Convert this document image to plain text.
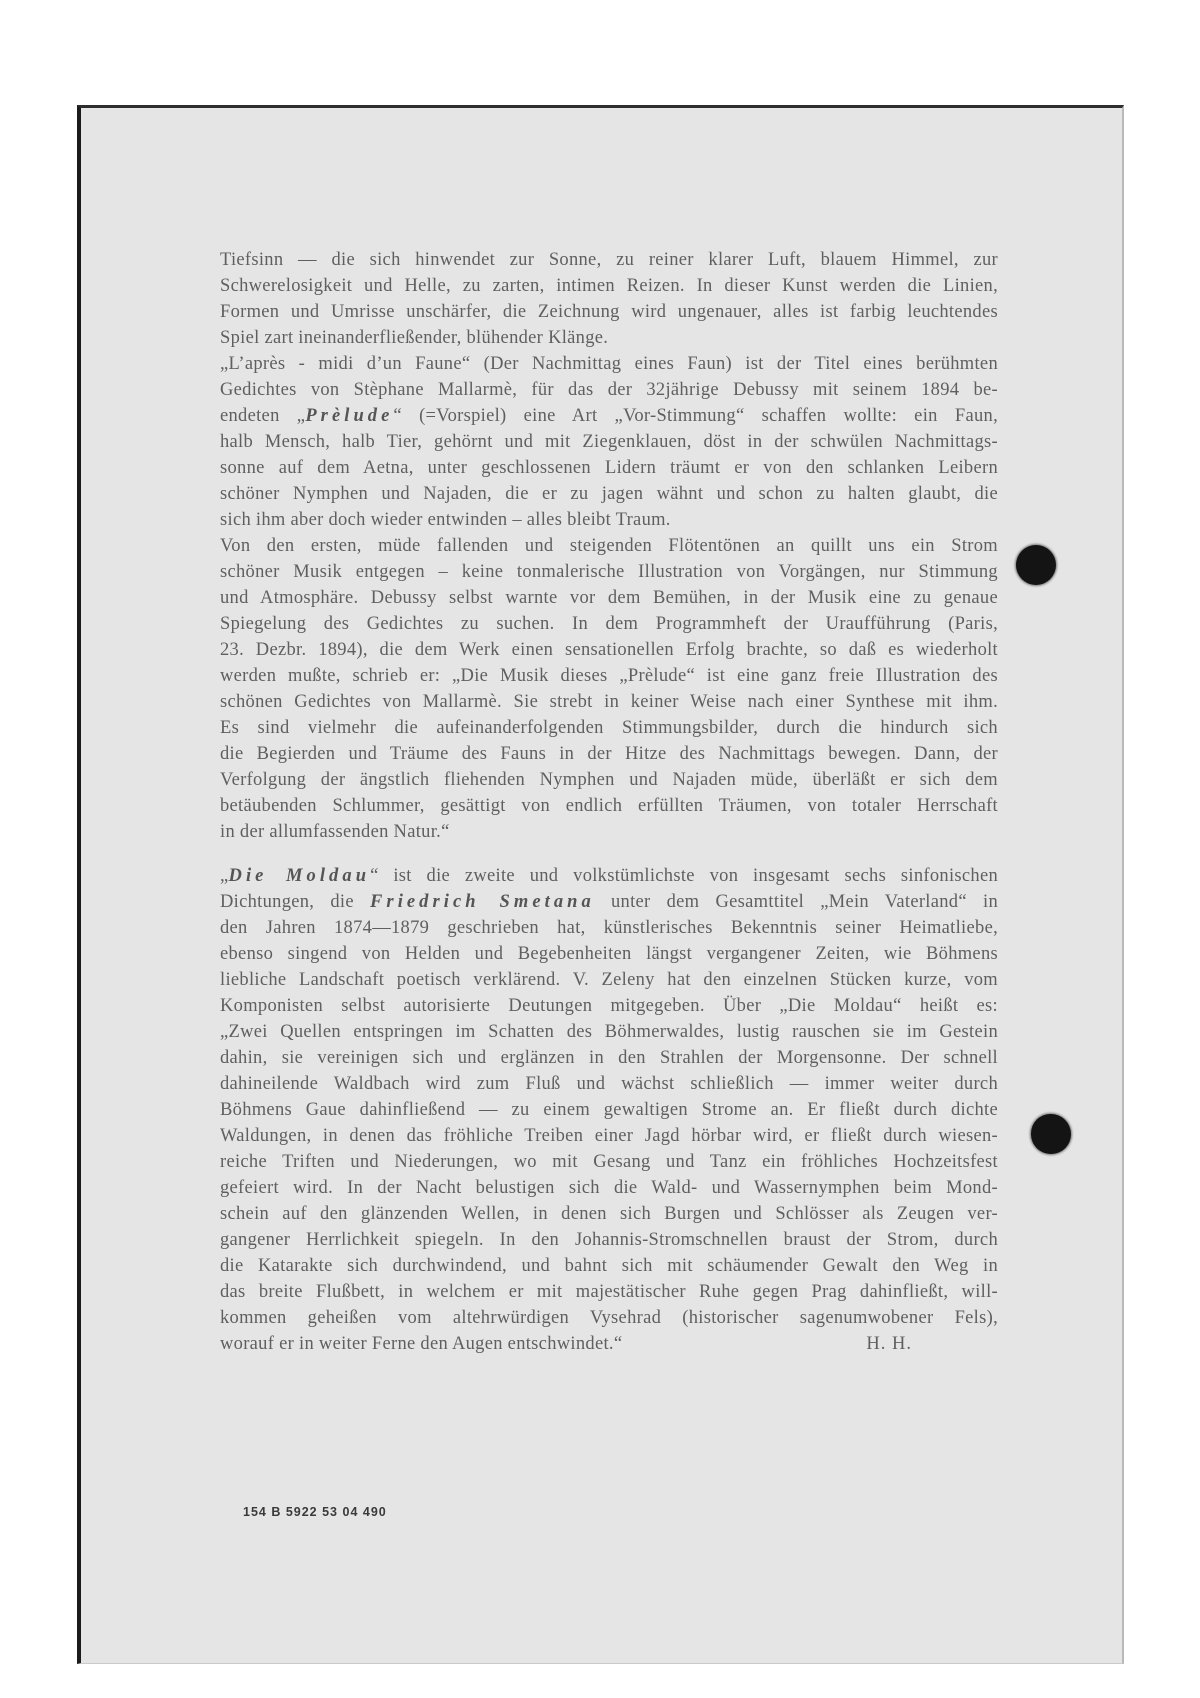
Tiefsinn — die sich hinwendet zur Sonne, zu reiner klarer Luft, blauem Himmel, zur
Schwerelosigkeit und Helle, zu zarten, intimen Reizen. In dieser Kunst werden die Linien,
Formen und Umrisse unschärfer, die Zeichnung wird ungenauer, alles ist farbig leuchtendes
Spiel zart ineinanderfließender, blühender Klänge.
„L’après - midi d’un Faune“ (Der Nachmittag eines Faun) ist der Titel eines berühmten
Gedichtes von Stèphane Mallarmè, für das der 32jährige Debussy mit seinem 1894 be-
endeten „Prèlude“ (=Vorspiel) eine Art „Vor-Stimmung“ schaffen wollte: ein Faun,
halb Mensch, halb Tier, gehörnt und mit Ziegenklauen, döst in der schwülen Nachmittags-
sonne auf dem Aetna, unter geschlossenen Lidern träumt er von den schlanken Leibern
schöner Nymphen und Najaden, die er zu jagen wähnt und schon zu halten glaubt, die
sich ihm aber doch wieder entwinden – alles bleibt Traum.
Von den ersten, müde fallenden und steigenden Flötentönen an quillt uns ein Strom
schöner Musik entgegen – keine tonmalerische Illustration von Vorgängen, nur Stimmung
und Atmosphäre. Debussy selbst warnte vor dem Bemühen, in der Musik eine zu genaue
Spiegelung des Gedichtes zu suchen. In dem Programmheft der Uraufführung (Paris,
23. Dezbr. 1894), die dem Werk einen sensationellen Erfolg brachte, so daß es wiederholt
werden mußte, schrieb er: „Die Musik dieses „Prèlude“ ist eine ganz freie Illustration des
schönen Gedichtes von Mallarmè. Sie strebt in keiner Weise nach einer Synthese mit ihm.
Es sind vielmehr die aufeinanderfolgenden Stimmungsbilder, durch die hindurch sich
die Begierden und Träume des Fauns in der Hitze des Nachmittags bewegen. Dann, der
Verfolgung der ängstlich fliehenden Nymphen und Najaden müde, überläßt er sich dem
betäubenden Schlummer, gesättigt von endlich erfüllten Träumen, von totaler Herrschaft
in der allumfassenden Natur.“
„Die Moldau“ ist die zweite und volkstümlichste von insgesamt sechs sinfonischen
Dichtungen, die Friedrich Smetana unter dem Gesamttitel „Mein Vaterland“ in
den Jahren 1874—1879 geschrieben hat, künstlerisches Bekenntnis seiner Heimatliebe,
ebenso singend von Helden und Begebenheiten längst vergangener Zeiten, wie Böhmens
liebliche Landschaft poetisch verklärend. V. Zeleny hat den einzelnen Stücken kurze, vom
Komponisten selbst autorisierte Deutungen mitgegeben. Über „Die Moldau“ heißt es:
„Zwei Quellen entspringen im Schatten des Böhmerwaldes, lustig rauschen sie im Gestein
dahin, sie vereinigen sich und erglänzen in den Strahlen der Morgensonne. Der schnell
dahineilende Waldbach wird zum Fluß und wächst schließlich — immer weiter durch
Böhmens Gaue dahinfließend — zu einem gewaltigen Strome an. Er fließt durch dichte
Waldungen, in denen das fröhliche Treiben einer Jagd hörbar wird, er fließt durch wiesen-
reiche Triften und Niederungen, wo mit Gesang und Tanz ein fröhliches Hochzeitsfest
gefeiert wird. In der Nacht belustigen sich die Wald- und Wassernymphen beim Mond-
schein auf den glänzenden Wellen, in denen sich Burgen und Schlösser als Zeugen ver-
gangener Herrlichkeit spiegeln. In den Johannis-Stromschnellen braust der Strom, durch
die Katarakte sich durchwindend, und bahnt sich mit schäumender Gewalt den Weg in
das breite Flußbett, in welchem er mit majestätischer Ruhe gegen Prag dahinfließt, will-
kommen geheißen vom altehrwürdigen Vysehrad (historischer sagenumwobener Fels),
worauf er in weiter Ferne den Augen entschwindet.“	H. H.
154 B 5922 53 04 490
